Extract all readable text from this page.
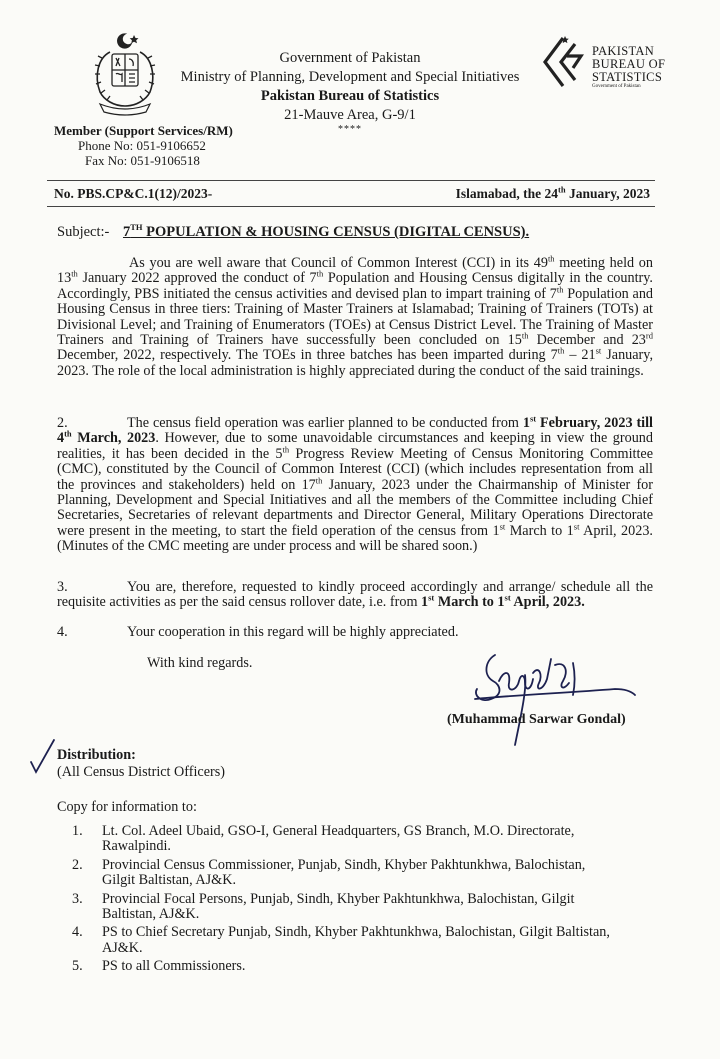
Government of Pakistan
Ministry of Planning, Development and Special Initiatives
Pakistan Bureau of Statistics
21-Mauve Area, G-9/1
****
PAKISTAN
BUREAU OF
STATISTICS
Government of Pakistan
Member (Support Services/RM)
Phone No: 051-9106652
Fax No: 051-9106518
No. PBS.CP&C.1(12)/2023-	Islamabad, the 24th January, 2023
Subject:- 7TH POPULATION & HOUSING CENSUS (DIGITAL CENSUS).

As you are well aware that Council of Common Interest (CCI) in its 49th meeting held on 13th January 2022 approved the conduct of 7th Population and Housing Census digitally in the country. Accordingly, PBS initiated the census activities and devised plan to impart training of 7th Population and Housing Census in three tiers: Training of Master Trainers at Islamabad; Training of Trainers (TOTs) at Divisional Level; and Training of Enumerators (TOEs) at Census District Level. The Training of Master Trainers and Training of Trainers have successfully been concluded on 15th December and 23rd December, 2022, respectively. The TOEs in three batches has been imparted during 7th – 21st January, 2023. The role of the local administration is highly appreciated during the conduct of the said trainings.

2.	The census field operation was earlier planned to be conducted from 1st February, 2023 till 4th March, 2023. However, due to some unavoidable circumstances and keeping in view the ground realities, it has been decided in the 5th Progress Review Meeting of Census Monitoring Committee (CMC), constituted by the Council of Common Interest (CCI) (which includes representation from all the provinces and stakeholders) held on 17th January, 2023 under the Chairmanship of Minister for Planning, Development and Special Initiatives and all the members of the Committee including Chief Secretaries, Secretaries of relevant departments and Director General, Military Operations Directorate were present in the meeting, to start the field operation of the census from 1st March to 1st April, 2023. (Minutes of the CMC meeting are under process and will be shared soon.)

3.	You are, therefore, requested to kindly proceed accordingly and arrange/ schedule all the requisite activities as per the said census rollover date, i.e. from 1st March to 1st April, 2023.

4.	Your cooperation in this regard will be highly appreciated.

With kind regards.
(Muhammad Sarwar Gondal)
Distribution:
(All Census District Officers)
Copy for information to:
1. Lt. Col. Adeel Ubaid, GSO-I, General Headquarters, GS Branch, M.O. Directorate,
Rawalpindi.
2. Provincial Census Commissioner, Punjab, Sindh, Khyber Pakhtunkhwa, Balochistan,
Gilgit Baltistan, AJ&K.
3. Provincial Focal Persons, Punjab, Sindh, Khyber Pakhtunkhwa, Balochistan, Gilgit
Baltistan, AJ&K.
4. PS to Chief Secretary Punjab, Sindh, Khyber Pakhtunkhwa, Balochistan, Gilgit Baltistan,
AJ&K.
5. PS to all Commissioners.
